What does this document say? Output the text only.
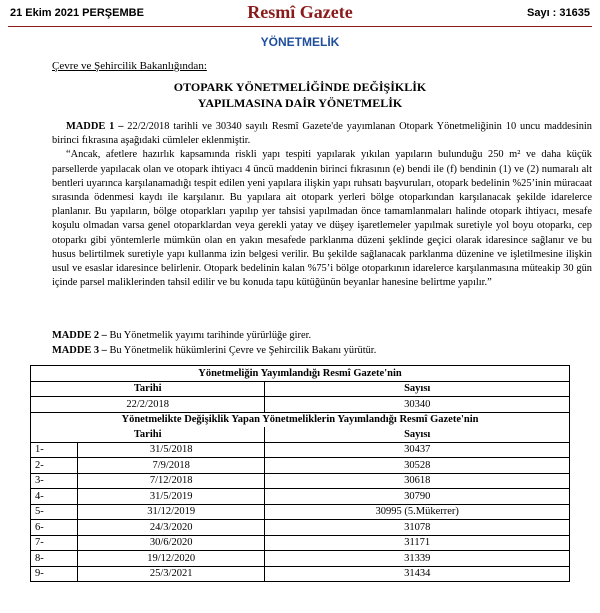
21 Ekim 2021 PERŞEMBE	Resmî Gazete	Sayı : 31635
YÖNETMELİK
Çevre ve Şehircilik Bakanlığından:
OTOPARK YÖNETMELİĞİNDE DEĞİŞİKLİK
YAPILMASINA DAİR YÖNETMELİK

MADDE 1 – 22/2/2018 tarihli ve 30340 sayılı Resmî Gazete'de yayımlanan Otopark Yönetmeliğinin 10 uncu maddesinin birinci fıkrasına aşağıdaki cümleler eklenmiştir.

“Ancak, afetlere hazırlık kapsamında riskli yapı tespiti yapılarak yıkılan yapıların bulunduğu 250 m² ve daha küçük parsellerde yapılacak olan ve otopark ihtiyacı 4 üncü maddenin birinci fıkrasının (e) bendi ile (f) bendinin (1) ve (2) numaralı alt bentleri uyarınca karşılanamadığı tespit edilen yeni yapılara ilişkin yapı ruhsatı başvuruları, otopark bedelinin %25’inin müracaat sırasında ödenmesi kaydı ile karşılanır. Bu yapılara ait otopark yerleri bölge otoparkından karşılanacak şekilde idarelerce planlanır. Bu yapıların, bölge otoparkları yapılıp yer tahsisi yapılmadan önce tamamlanmaları halinde otopark ihtiyacı, mesafe koşulu olmadan varsa genel otoparklardan veya gerekli yatay ve düşey işaretlemeler yapılmak suretiyle yol boyu otoparkı, cep otoparkı gibi yöntemlerle mümkün olan en yakın mesafede parklanma düzeni şeklinde geçici olarak idaresince sağlanır ve bu husus belirtilmek suretiyle yapı kullanma izin belgesi verilir. Bu şekilde sağlanacak parklanma düzenine ve işletilmesine ilişkin usul ve esaslar idaresince belirlenir. Otopark bedelinin kalan %75’i bölge otoparkının idarelerce karşılanmasına müteakip 30 gün içinde parsel maliklerinden tahsil edilir ve bu konuda tapu kütüğünün beyanlar hanesine belirtme yapılır.”

MADDE 2 – Bu Yönetmelik yayımı tarihinde yürürlüğe girer.

MADDE 3 – Bu Yönetmelik hükümlerini Çevre ve Şehircilik Bakanı yürütür.

Yönetmeliğin Yayımlandığı Resmî Gazete'nin		
Tarihi		Sayısı
22/2/2018		30340
Yönetmelikte Değişiklik Yapan Yönetmeliklerin Yayımlandığı Resmî Gazete'nin		
Tarihi		Sayısı
1-	31/5/2018	30437
2-	7/9/2018	30528
3-	7/12/2018	30618
4-	31/5/2019	30790
5-	31/12/2019	30995 (5.Mükerrer)
6-	24/3/2020	31078
7-	30/6/2020	31171
8-	19/12/2020	31339
9-	25/3/2021	31434
